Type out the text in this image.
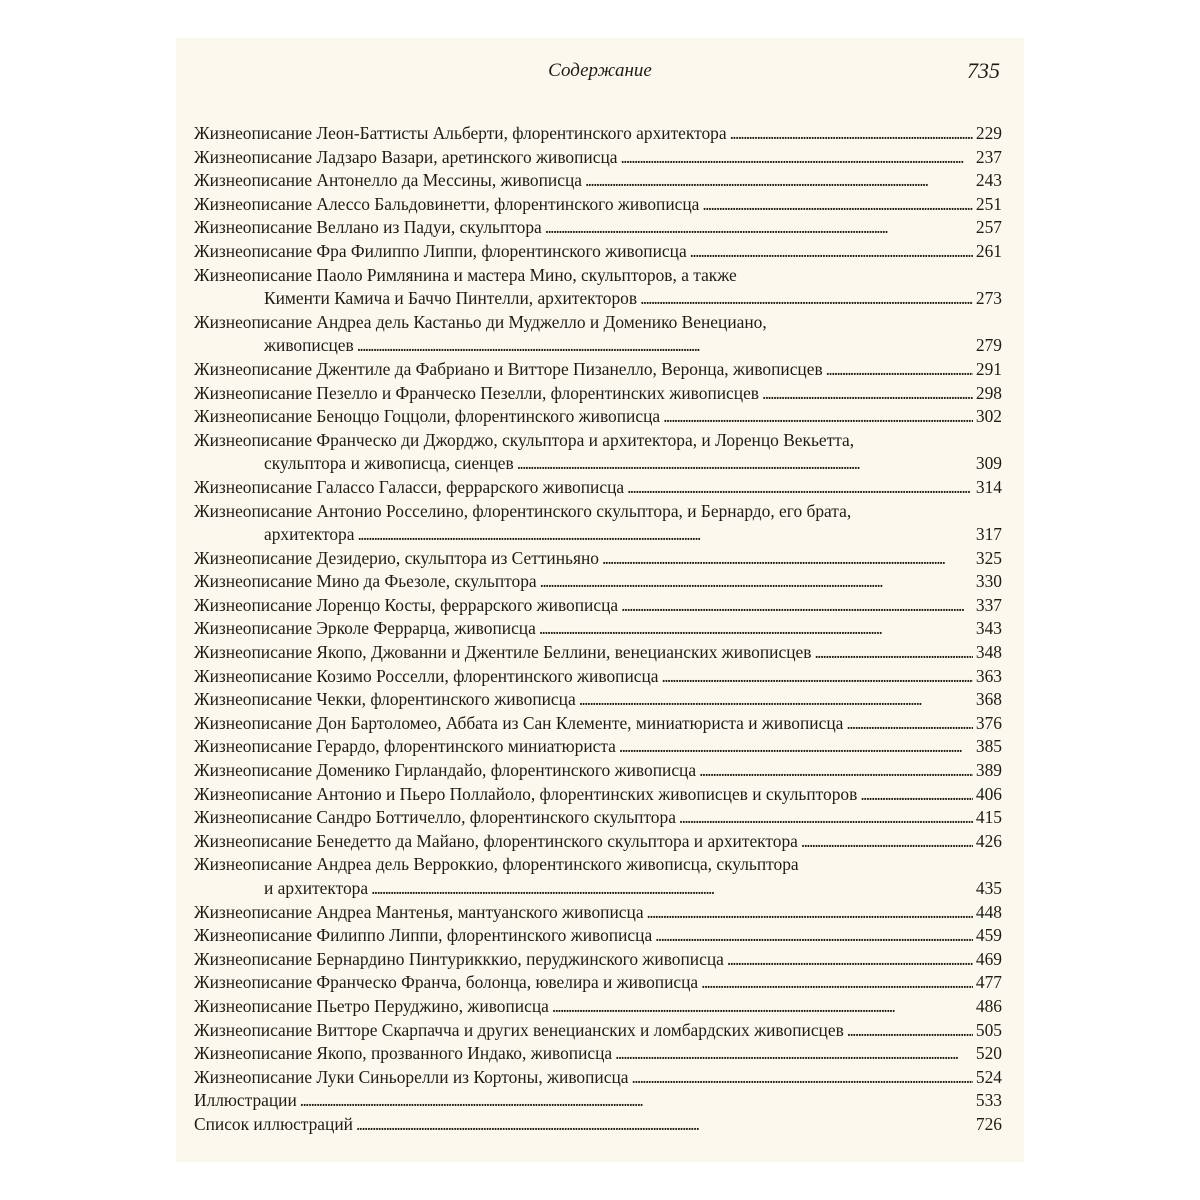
Содержание	735
Жизнеописание Леон-Баттисты Альберти, флорентинского архитектора . . .	229
Жизнеописание Ладзаро Вазари, аретинского живописца . . .	237
Жизнеописание Антонелло да Мессины, живописца . . .	243
Жизнеописание Алессо Бальдовинетти, флорентинского живописца . . .	251
Жизнеописание Веллано из Падуи, скульптора . . .	257
Жизнеописание Фра Филиппо Липпи, флорентинского живописца . . .	261
Жизнеописание Паоло Римлянина и мастера Мино, скульпторов, а также
Кименти Камича и Баччо Пинтелли, архитекторов . . .	273
Жизнеописание Андреа дель Кастаньо ди Муджелло и Доменико Венециано,
живописцев . . .	279
Жизнеописание Джентиле да Фабриано и Витторе Пизанелло, Веронца, живописцев . . .	291
Жизнеописание Пезелло и Франческо Пезелли, флорентинских живописцев . . .	298
Жизнеописание Беноццо Гоццоли, флорентинского живописца . . .	302
Жизнеописание Франческо ди Джорджо, скульптора и архитектора, и Лоренцо Векьетта,
скульптора и живописца, сиенцев . . .	309
Жизнеописание Галассо Галасси, феррарского живописца . . .	314
Жизнеописание Антонио Росселино, флорентинского скульптора, и Бернардо, его брата,
архитектора . . .	317
Жизнеописание Дезидерио, скульптора из Сеттиньяно . . .	325
Жизнеописание Мино да Фьезоле, скульптора . . .	330
Жизнеописание Лоренцо Косты, феррарского живописца . . .	337
Жизнеописание Эрколе Феррарца, живописца . . .	343
Жизнеописание Якопо, Джованни и Джентиле Беллини, венецианских живописцев . . .	348
Жизнеописание Козимо Росселли, флорентинского живописца . . .	363
Жизнеописание Чекки, флорентинского живописца . . .	368
Жизнеописание Дон Бартоломео, Аббата из Сан Клементе, миниатюриста и живописца . . .	376
Жизнеописание Герардо, флорентинского миниатюриста . . .	385
Жизнеописание Доменико Гирландайо, флорентинского живописца . . .	389
Жизнеописание Антонио и Пьеро Поллайоло, флорентинских живописцев и скульпторов . . .	406
Жизнеописание Сандро Боттичелло, флорентинского скульптора . . .	415
Жизнеописание Бенедетто да Майано, флорентинского скульптора и архитектора . . .	426
Жизнеописание Андреа дель Верроккио, флорентинского живописца, скульптора
и архитектора . . .	435
Жизнеописание Андреа Мантенья, мантуанского живописца . . .	448
Жизнеописание Филиппо Липпи, флорентинского живописца . . .	459
Жизнеописание Бернардино Пинтурикккио, перуджинского живописца . . .	469
Жизнеописание Франческо Франча, болонца, ювелира и живописца . . .	477
Жизнеописание Пьетро Перуджино, живописца . . .	486
Жизнеописание Витторе Скарпачча и других венецианских и ломбардских живописцев . . .	505
Жизнеописание Якопо, прозванного Индако, живописца . . .	520
Жизнеописание Луки Синьорелли из Кортоны, живописца . . .	524
Иллюстрации . . .	533
Список иллюстраций . . .	726
